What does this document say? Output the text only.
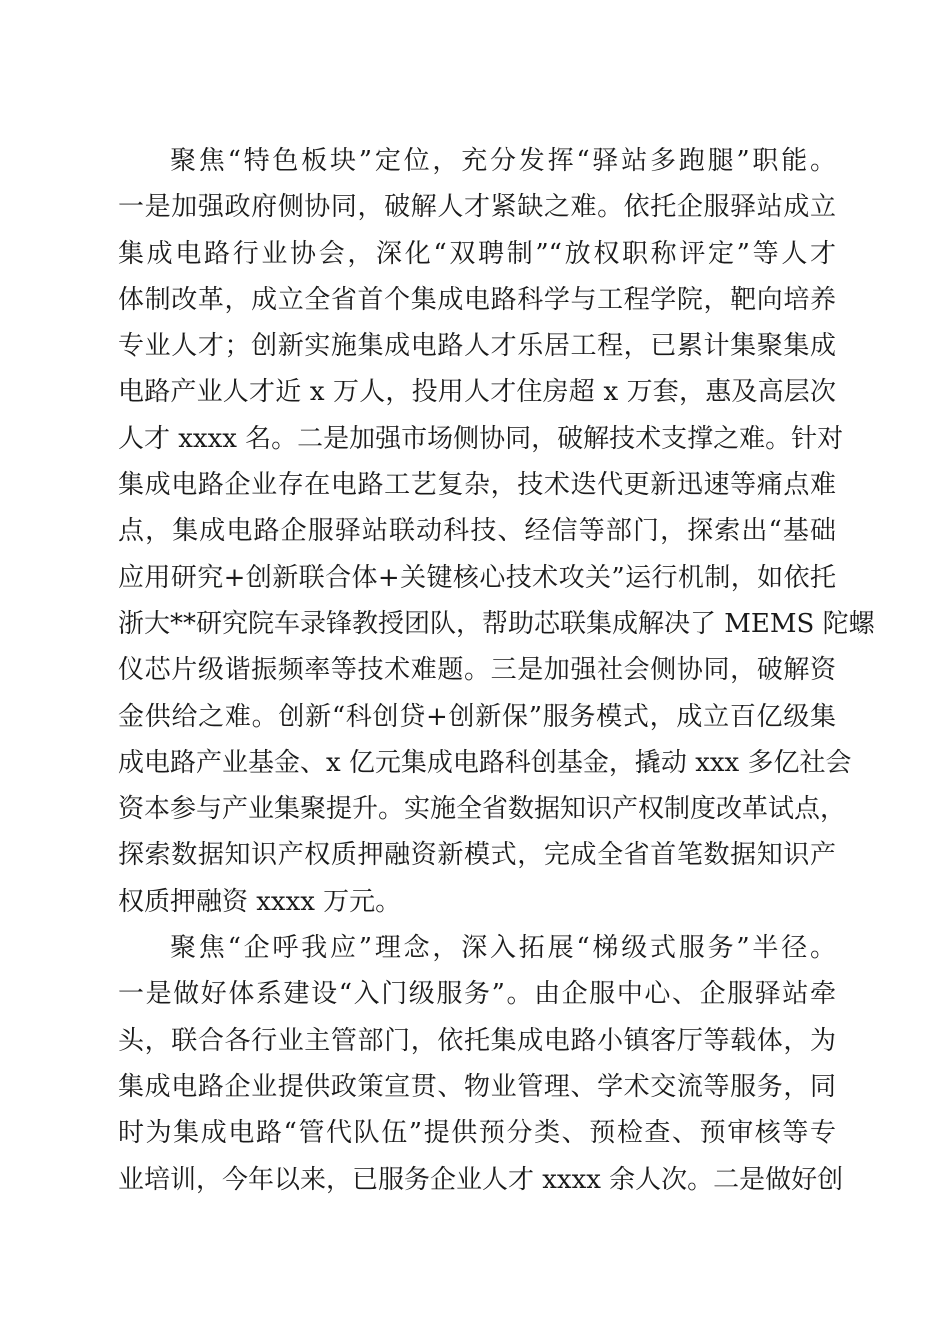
聚焦“特色板块”定位，充分发挥“驿站多跑腿”职能。
一是加强政府侧协同，破解人才紧缺之难。依托企服驿站成立
集成电路行业协会，深化“双聘制”“放权职称评定”等人才
体制改革，成立全省首个集成电路科学与工程学院，靶向培养
专业人才；创新实施集成电路人才乐居工程，已累计集聚集成
电路产业人才近 x 万人，投用人才住房超 x 万套，惠及高层次
人才 xxxx 名。二是加强市场侧协同，破解技术支撑之难。针对
集成电路企业存在电路工艺复杂，技术迭代更新迅速等痛点难
点，集成电路企服驿站联动科技、经信等部门，探索出“基础
应用研究+创新联合体+关键核心技术攻关”运行机制，如依托
浙大**研究院车录锋教授团队，帮助芯联集成解决了 MEMS 陀螺
仪芯片级谐振频率等技术难题。三是加强社会侧协同，破解资
金供给之难。创新“科创贷+创新保”服务模式，成立百亿级集
成电路产业基金、x 亿元集成电路科创基金，撬动 xxx 多亿社会
资本参与产业集聚提升。实施全省数据知识产权制度改革试点，
探索数据知识产权质押融资新模式，完成全省首笔数据知识产
权质押融资 xxxx 万元。
聚焦“企呼我应”理念，深入拓展“梯级式服务”半径。
一是做好体系建设“入门级服务”。由企服中心、企服驿站牵
头，联合各行业主管部门，依托集成电路小镇客厅等载体，为
集成电路企业提供政策宣贯、物业管理、学术交流等服务，同
时为集成电路“管代队伍”提供预分类、预检查、预审核等专
业培训，今年以来，已服务企业人才 xxxx 余人次。二是做好创
